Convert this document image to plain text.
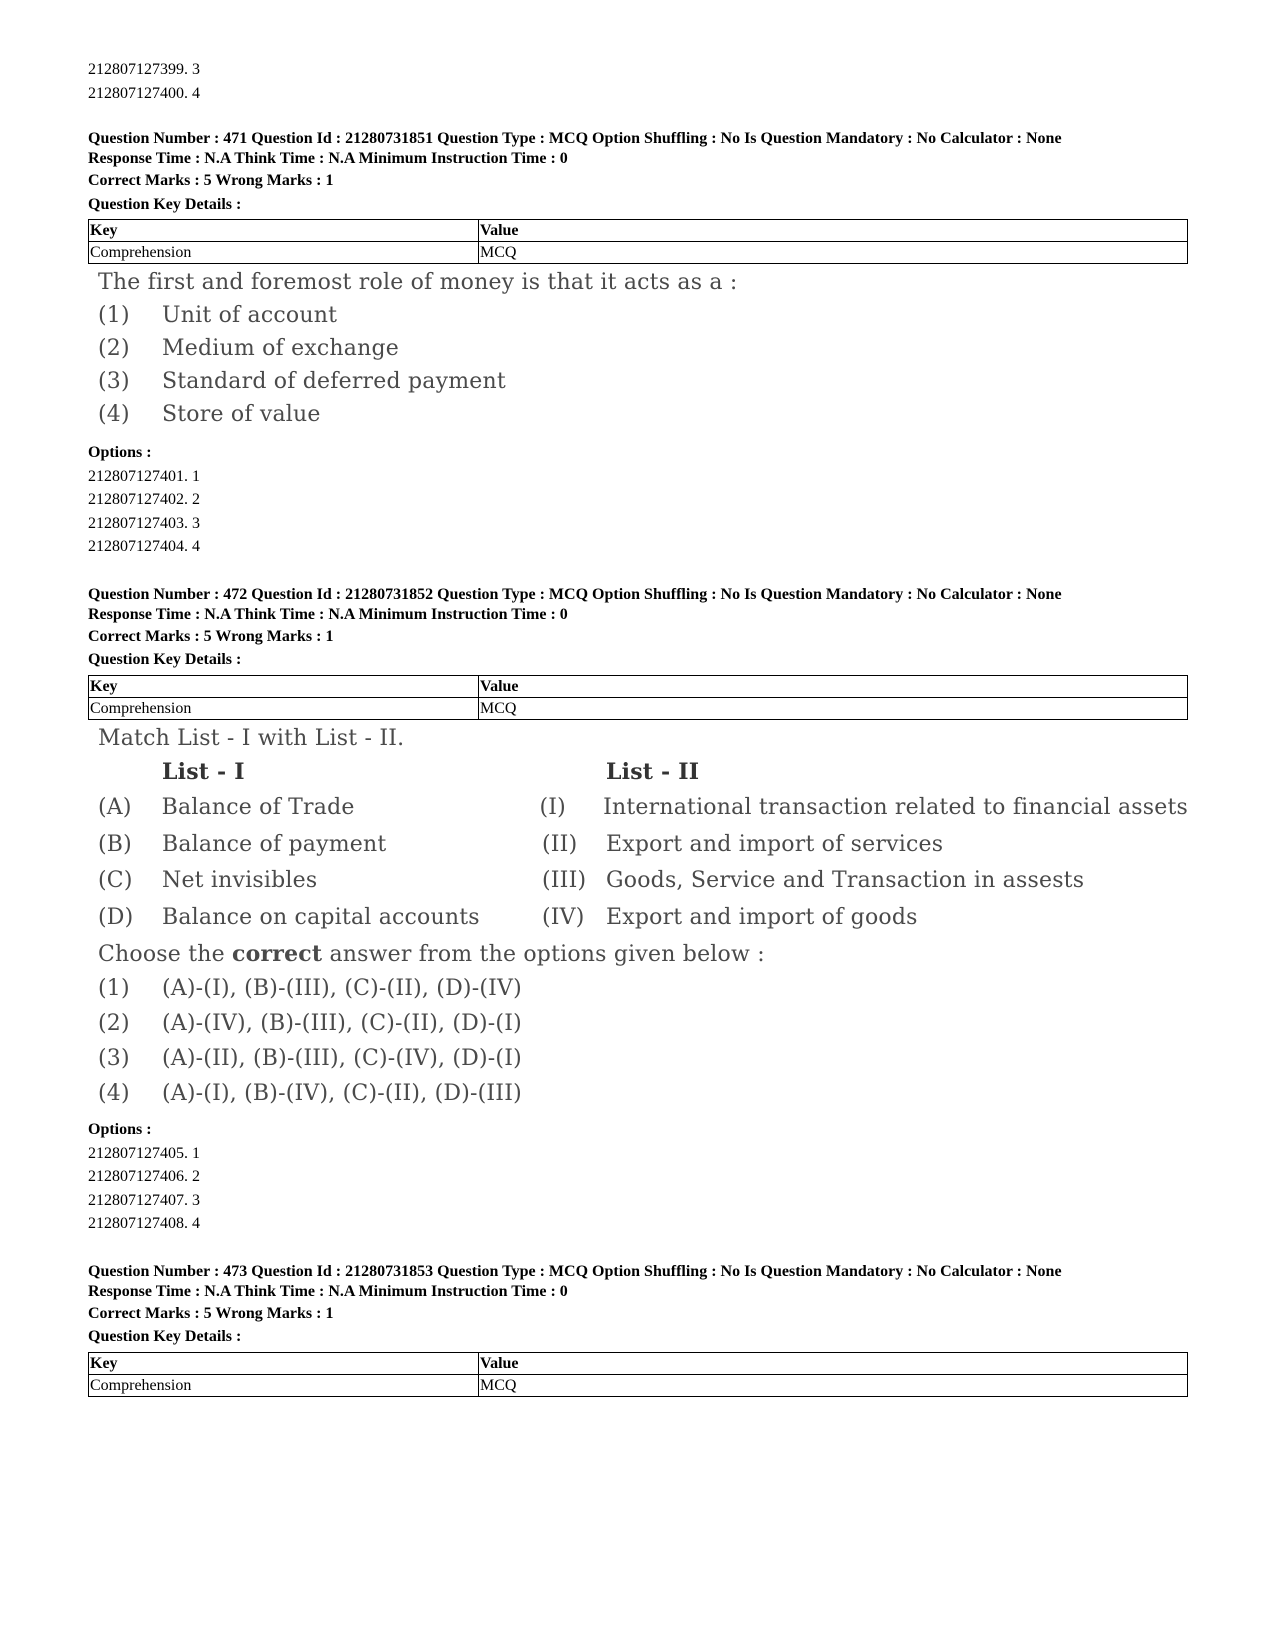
212807127399. 3
212807127400. 4
Question Number : 471 Question Id : 21280731851 Question Type : MCQ Option Shuffling : No Is Question Mandatory : No Calculator : None
Response Time : N.A Think Time : N.A Minimum Instruction Time : 0
Correct Marks : 5 Wrong Marks : 1
Question Key Details :
Key	Value
Comprehension	MCQ
The first and foremost role of money is that it acts as a :
(1)	Unit of account
(2)	Medium of exchange
(3)	Standard of deferred payment
(4)	Store of value
Options :
212807127401. 1
212807127402. 2
212807127403. 3
212807127404. 4
Question Number : 472 Question Id : 21280731852 Question Type : MCQ Option Shuffling : No Is Question Mandatory : No Calculator : None
Response Time : N.A Think Time : N.A Minimum Instruction Time : 0
Correct Marks : 5 Wrong Marks : 1
Question Key Details :
Key	Value
Comprehension	MCQ
Match List - I with List - II.
List - I	List - II
(A)	Balance of Trade	(I)	International transaction related to financial assets
(B)	Balance of payment	(II)	Export and import of services
(C)	Net invisibles	(III) Goods, Service and Transaction in assests
(D)	Balance on capital accounts	(IV) Export and import of goods
Choose the correct answer from the options given below :
(1)	(A)-(I), (B)-(III), (C)-(II), (D)-(IV)
(2)	(A)-(IV), (B)-(III), (C)-(II), (D)-(I)
(3)	(A)-(II), (B)-(III), (C)-(IV), (D)-(I)
(4)	(A)-(I), (B)-(IV), (C)-(II), (D)-(III)
Options :
212807127405. 1
212807127406. 2
212807127407. 3
212807127408. 4
Question Number : 473 Question Id : 21280731853 Question Type : MCQ Option Shuffling : No Is Question Mandatory : No Calculator : None
Response Time : N.A Think Time : N.A Minimum Instruction Time : 0
Correct Marks : 5 Wrong Marks : 1
Question Key Details :
Key	Value
Comprehension	MCQ
